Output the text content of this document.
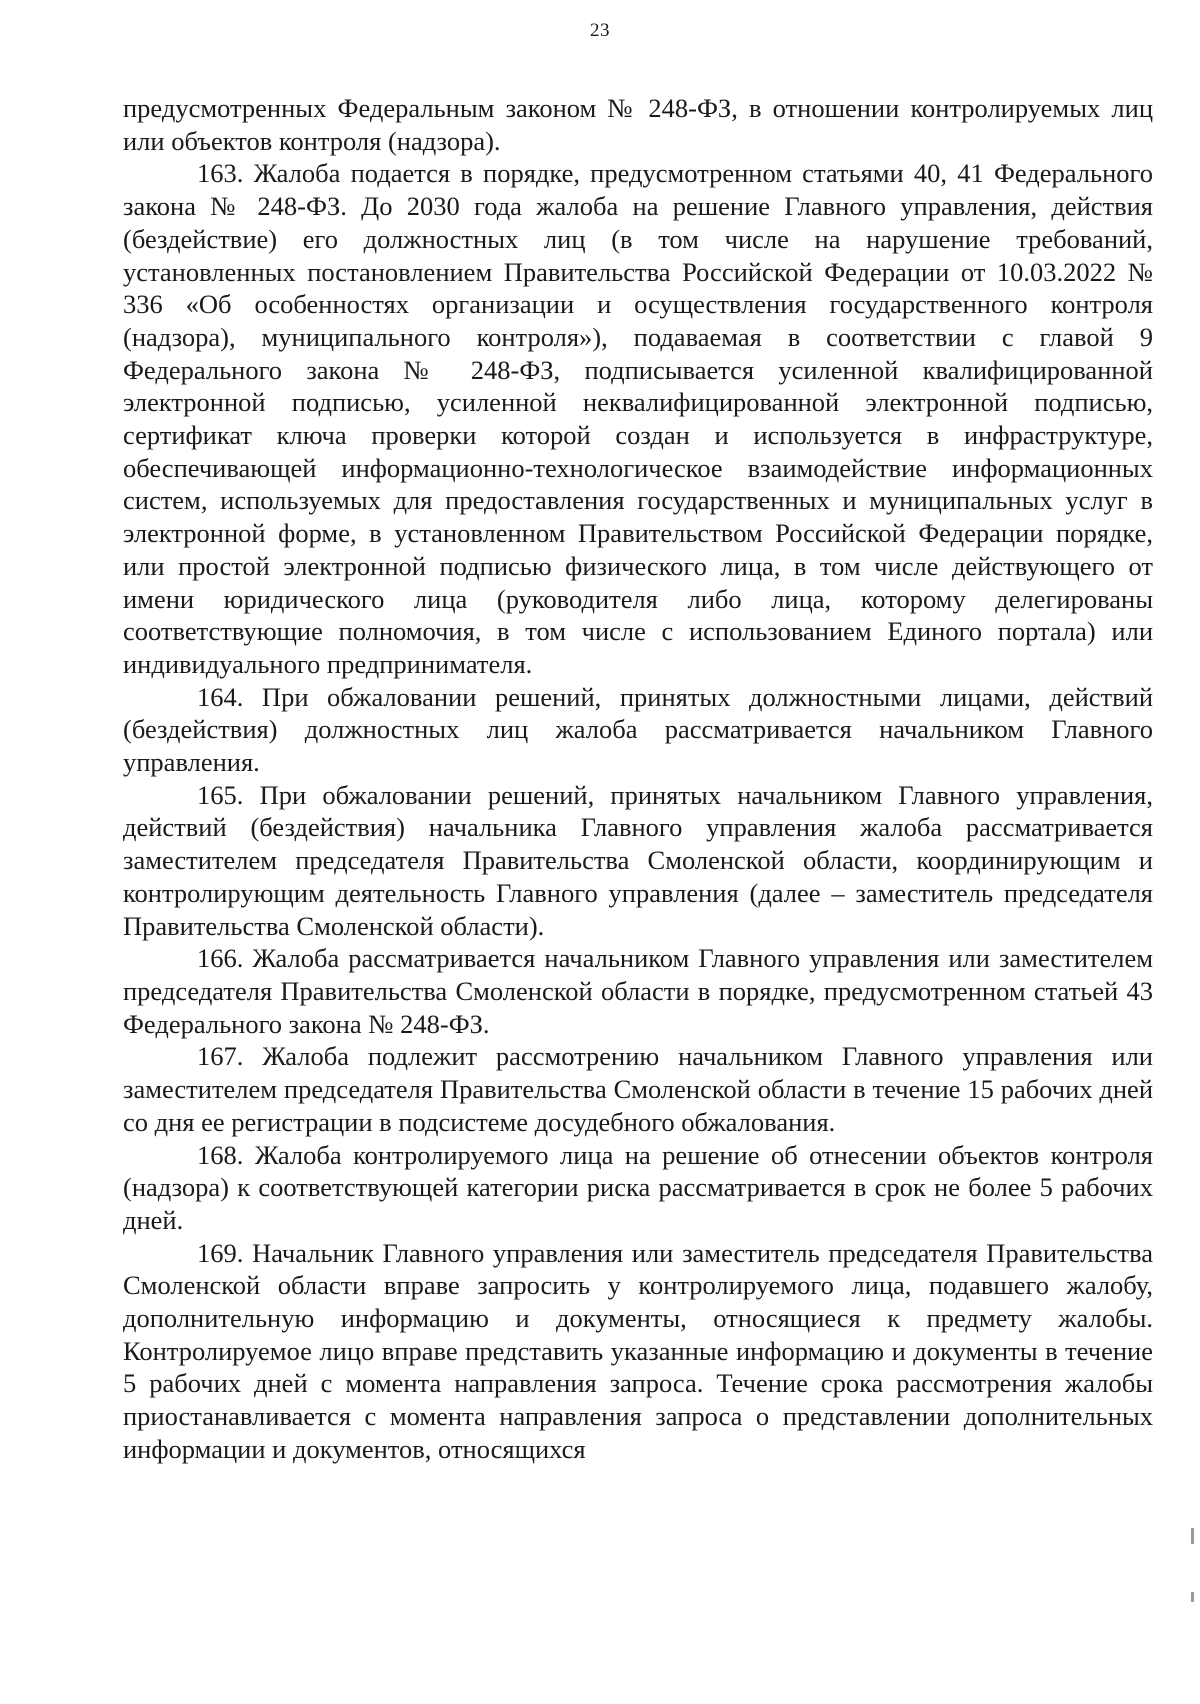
23

предусмотренных Федеральным законом № 248-ФЗ, в отношении контролируемых лиц или объектов контроля (надзора).

163. Жалоба подается в порядке, предусмотренном статьями 40, 41 Федерального закона № 248-ФЗ. До 2030 года жалоба на решение Главного управления, действия (бездействие) его должностных лиц (в том числе на нарушение требований, установленных постановлением Правительства Российской Федерации от 10.03.2022 № 336 «Об особенностях организации и осуществления государственного контроля (надзора), муниципального контроля»), подаваемая в соответствии с главой 9 Федерального закона № 248-ФЗ, подписывается усиленной квалифицированной электронной подписью, усиленной неквалифицированной электронной подписью, сертификат ключа проверки которой создан и используется в инфраструктуре, обеспечивающей информационно-технологическое взаимодействие информационных систем, используемых для предоставления государственных и муниципальных услуг в электронной форме, в установленном Правительством Российской Федерации порядке, или простой электронной подписью физического лица, в том числе действующего от имени юридического лица (руководителя либо лица, которому делегированы соответствующие полномочия, в том числе с использованием Единого портала) или индивидуального предпринимателя.

164. При обжаловании решений, принятых должностными лицами, действий (бездействия) должностных лиц жалоба рассматривается начальником Главного управления.

165. При обжаловании решений, принятых начальником Главного управления, действий (бездействия) начальника Главного управления жалоба рассматривается заместителем председателя Правительства Смоленской области, координирующим и контролирующим деятельность Главного управления (далее – заместитель председателя Правительства Смоленской области).

166. Жалоба рассматривается начальником Главного управления или заместителем председателя Правительства Смоленской области в порядке, предусмотренном статьей 43 Федерального закона № 248-ФЗ.

167. Жалоба подлежит рассмотрению начальником Главного управления или заместителем председателя Правительства Смоленской области в течение 15 рабочих дней со дня ее регистрации в подсистеме досудебного обжалования.

168. Жалоба контролируемого лица на решение об отнесении объектов контроля (надзора) к соответствующей категории риска рассматривается в срок не более 5 рабочих дней.

169. Начальник Главного управления или заместитель председателя Правительства Смоленской области вправе запросить у контролируемого лица, подавшего жалобу, дополнительную информацию и документы, относящиеся к предмету жалобы. Контролируемое лицо вправе представить указанные информацию и документы в течение 5 рабочих дней с момента направления запроса. Течение срока рассмотрения жалобы приостанавливается с момента направления запроса о представлении дополнительных информации и документов, относящихся
